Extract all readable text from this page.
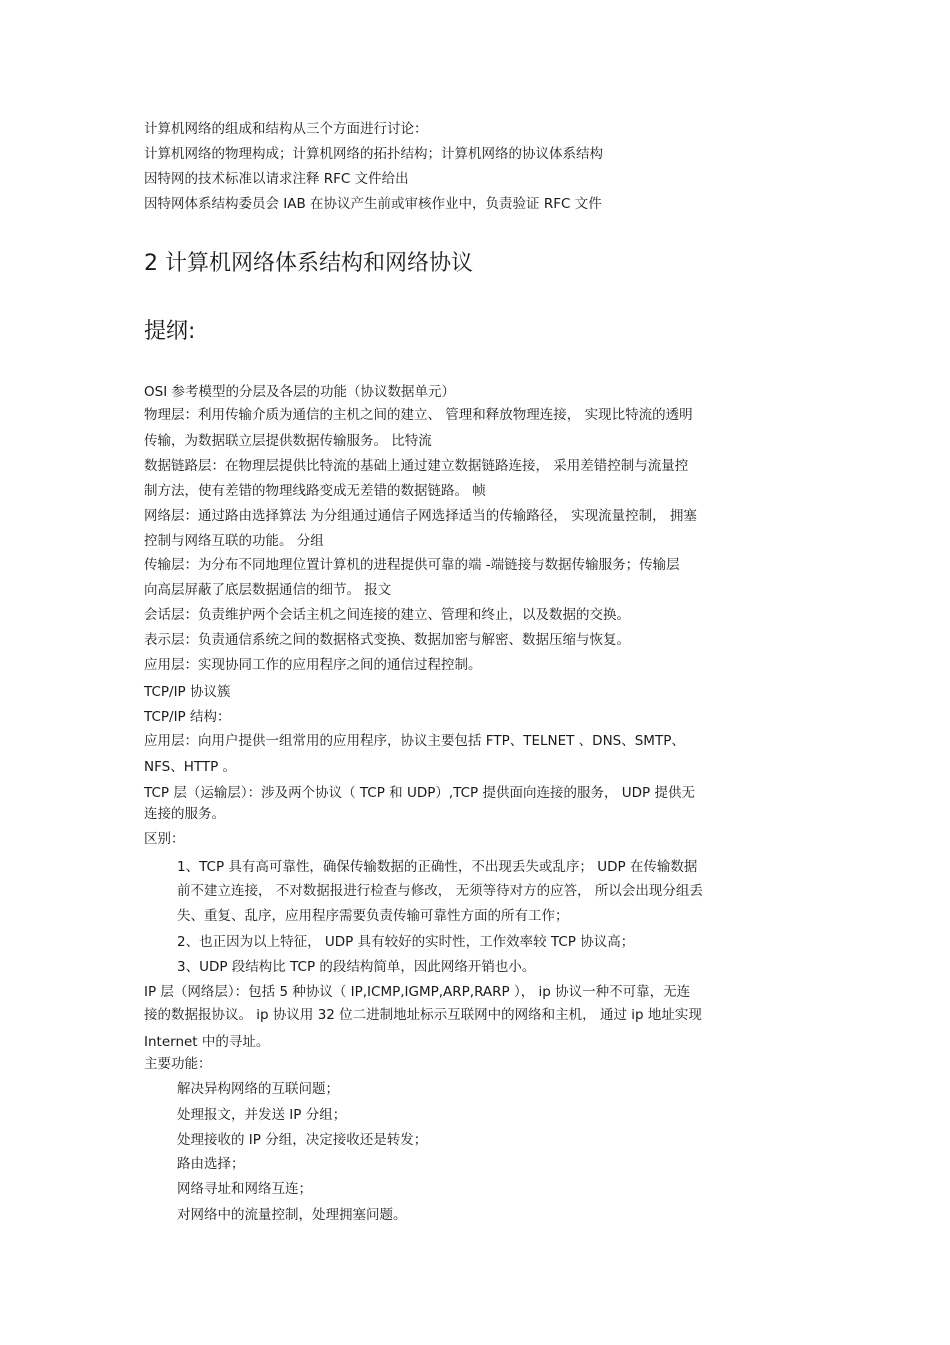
计算机网络的组成和结构从三个方面进行讨论：

计算机网络的物理构成；计算机网络的拓扑结构；计算机网络的协议体系结构

因特网的技术标准以请求注释 RFC 文件给出

因特网体系结构委员会 IAB 在协议产生前或审核作业中，负责验证 RFC 文件

2 计算机网络体系结构和网络协议
提纲:

OSI 参考模型的分层及各层的功能（协议数据单元）

物理层：利用传输介质为通信的主机之间的建立、 管理和释放物理连接， 实现比特流的透明

传输，为数据联立层提供数据传输服务。 比特流

数据链路层：在物理层提供比特流的基础上通过建立数据链路连接， 采用差错控制与流量控

制方法，使有差错的物理线路变成无差错的数据链路。 帧

网络层：通过路由选择算法 为分组通过通信子网选择适当的传输路径， 实现流量控制， 拥塞

控制与网络互联的功能。 分组

传输层：为分布不同地理位置计算机的进程提供可靠的端 -端链接与数据传输服务；传输层

向高层屏蔽了底层数据通信的细节。 报文

会话层：负责维护两个会话主机之间连接的建立、管理和终止，以及数据的交换。

表示层：负责通信系统之间的数据格式变换、数据加密与解密、数据压缩与恢复。

应用层：实现协同工作的应用程序之间的通信过程控制。

TCP/IP 协议簇

TCP/IP 结构：

应用层：向用户提供一组常用的应用程序，协议主要包括 FTP、TELNET 、DNS、SMTP、

NFS、HTTP 。

TCP 层（运输层）：涉及两个协议（ TCP 和 UDP）,TCP 提供面向连接的服务， UDP 提供无

连接的服务。

区别：

1、TCP 具有高可靠性，确保传输数据的正确性，不出现丢失或乱序； UDP 在传输数据

前不建立连接， 不对数据报进行检查与修改， 无须等待对方的应答， 所以会出现分组丢

失、重复、乱序，应用程序需要负责传输可靠性方面的所有工作；

2、也正因为以上特征， UDP 具有较好的实时性，工作效率较 TCP 协议高；

3、UDP 段结构比 TCP 的段结构简单，因此网络开销也小。

IP 层（网络层）：包括 5 种协议（ IP,ICMP,IGMP,ARP,RARP ）， ip 协议一种不可靠，无连

接的数据报协议。 ip 协议用 32 位二进制地址标示互联网中的网络和主机， 通过 ip 地址实现

Internet 中的寻址。

主要功能：

解决异构网络的互联问题；

处理报文，并发送 IP 分组；

处理接收的 IP 分组，决定接收还是转发；

路由选择；

网络寻址和网络互连；

对网络中的流量控制，处理拥塞问题。
